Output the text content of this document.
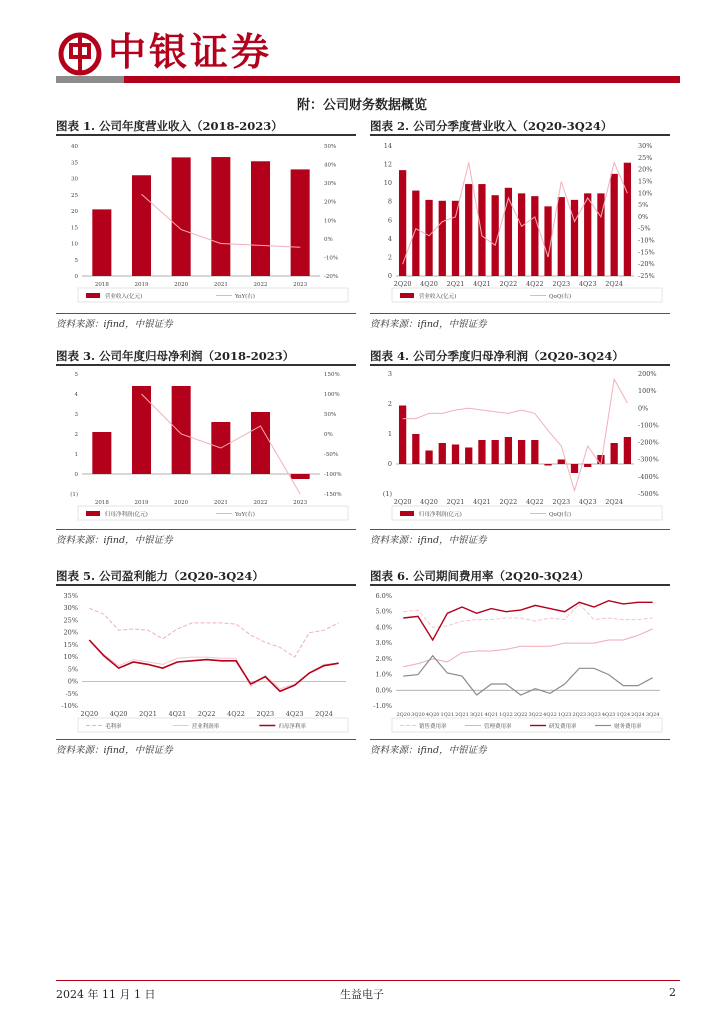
中银证券
附：公司财务数据概览
图表 1. 公司年度营业收入（2018-2023）
0
5
10
15
20
25
30
35
40
-20%
-10%
0%
10%
20%
30%
40%
50%
2018	2019	2020	2021	2022	2023
营业收入(亿元)	YoY(右)
资料来源：ifind，中银证券
图表 2. 公司分季度营业收入（2Q20-3Q24）
0
2
4
6
8
10
12
14
-25%
-20%
-15%
-10%
-5%
0%
5%
10%
15%
20%
25%
30%
2Q20 4Q20 2Q21 4Q21 2Q22 4Q22 2Q23 4Q23 2Q24
营业收入(亿元)	QoQ(右)
资料来源：ifind，中银证券
图表 3. 公司年度归母净利润（2018-2023）
(1)
0
1
2
3
4
5
-150%
-100%
-50%
0%
50%
100%
150%
2018	2019	2020	2021	2022	2023
归母净利润(亿元)	YoY(右)
资料来源：ifind，中银证券
图表 4. 公司分季度归母净利润（2Q20-3Q24）
(1)
0
1
2
3
-500%
-400%
-300%
-200%
-100%
0%
100%
200%
2Q20 4Q20 2Q21 4Q21 2Q22 4Q22 2Q23 4Q23 2Q24
归母净利润(亿元)	QoQ(右)
资料来源：ifind，中银证券
图表 5. 公司盈利能力（2Q20-3Q24）
-10%
-5%
0%
5%
10%
15%
20%
25%
30%
35%
2Q20 4Q20 2Q21 4Q21 2Q22 4Q22 2Q23 4Q23 2Q24
毛利率	营业利润率	归母净利率
资料来源：ifind，中银证券
图表 6. 公司期间费用率（2Q20-3Q24）
-1.0%
0.0%
1.0%
2.0%
3.0%
4.0%
5.0%
6.0%
2Q20 3Q20 4Q20 1Q21 2Q21 3Q21 4Q21 1Q22 2Q22 3Q22 4Q22 1Q23 2Q23 3Q23 4Q23 1Q24 2Q24 3Q24
销售费用率	管理费用率	研发费用率	财务费用率
资料来源：ifind，中银证券
2024 年 11 月 1 日	生益电子	2
